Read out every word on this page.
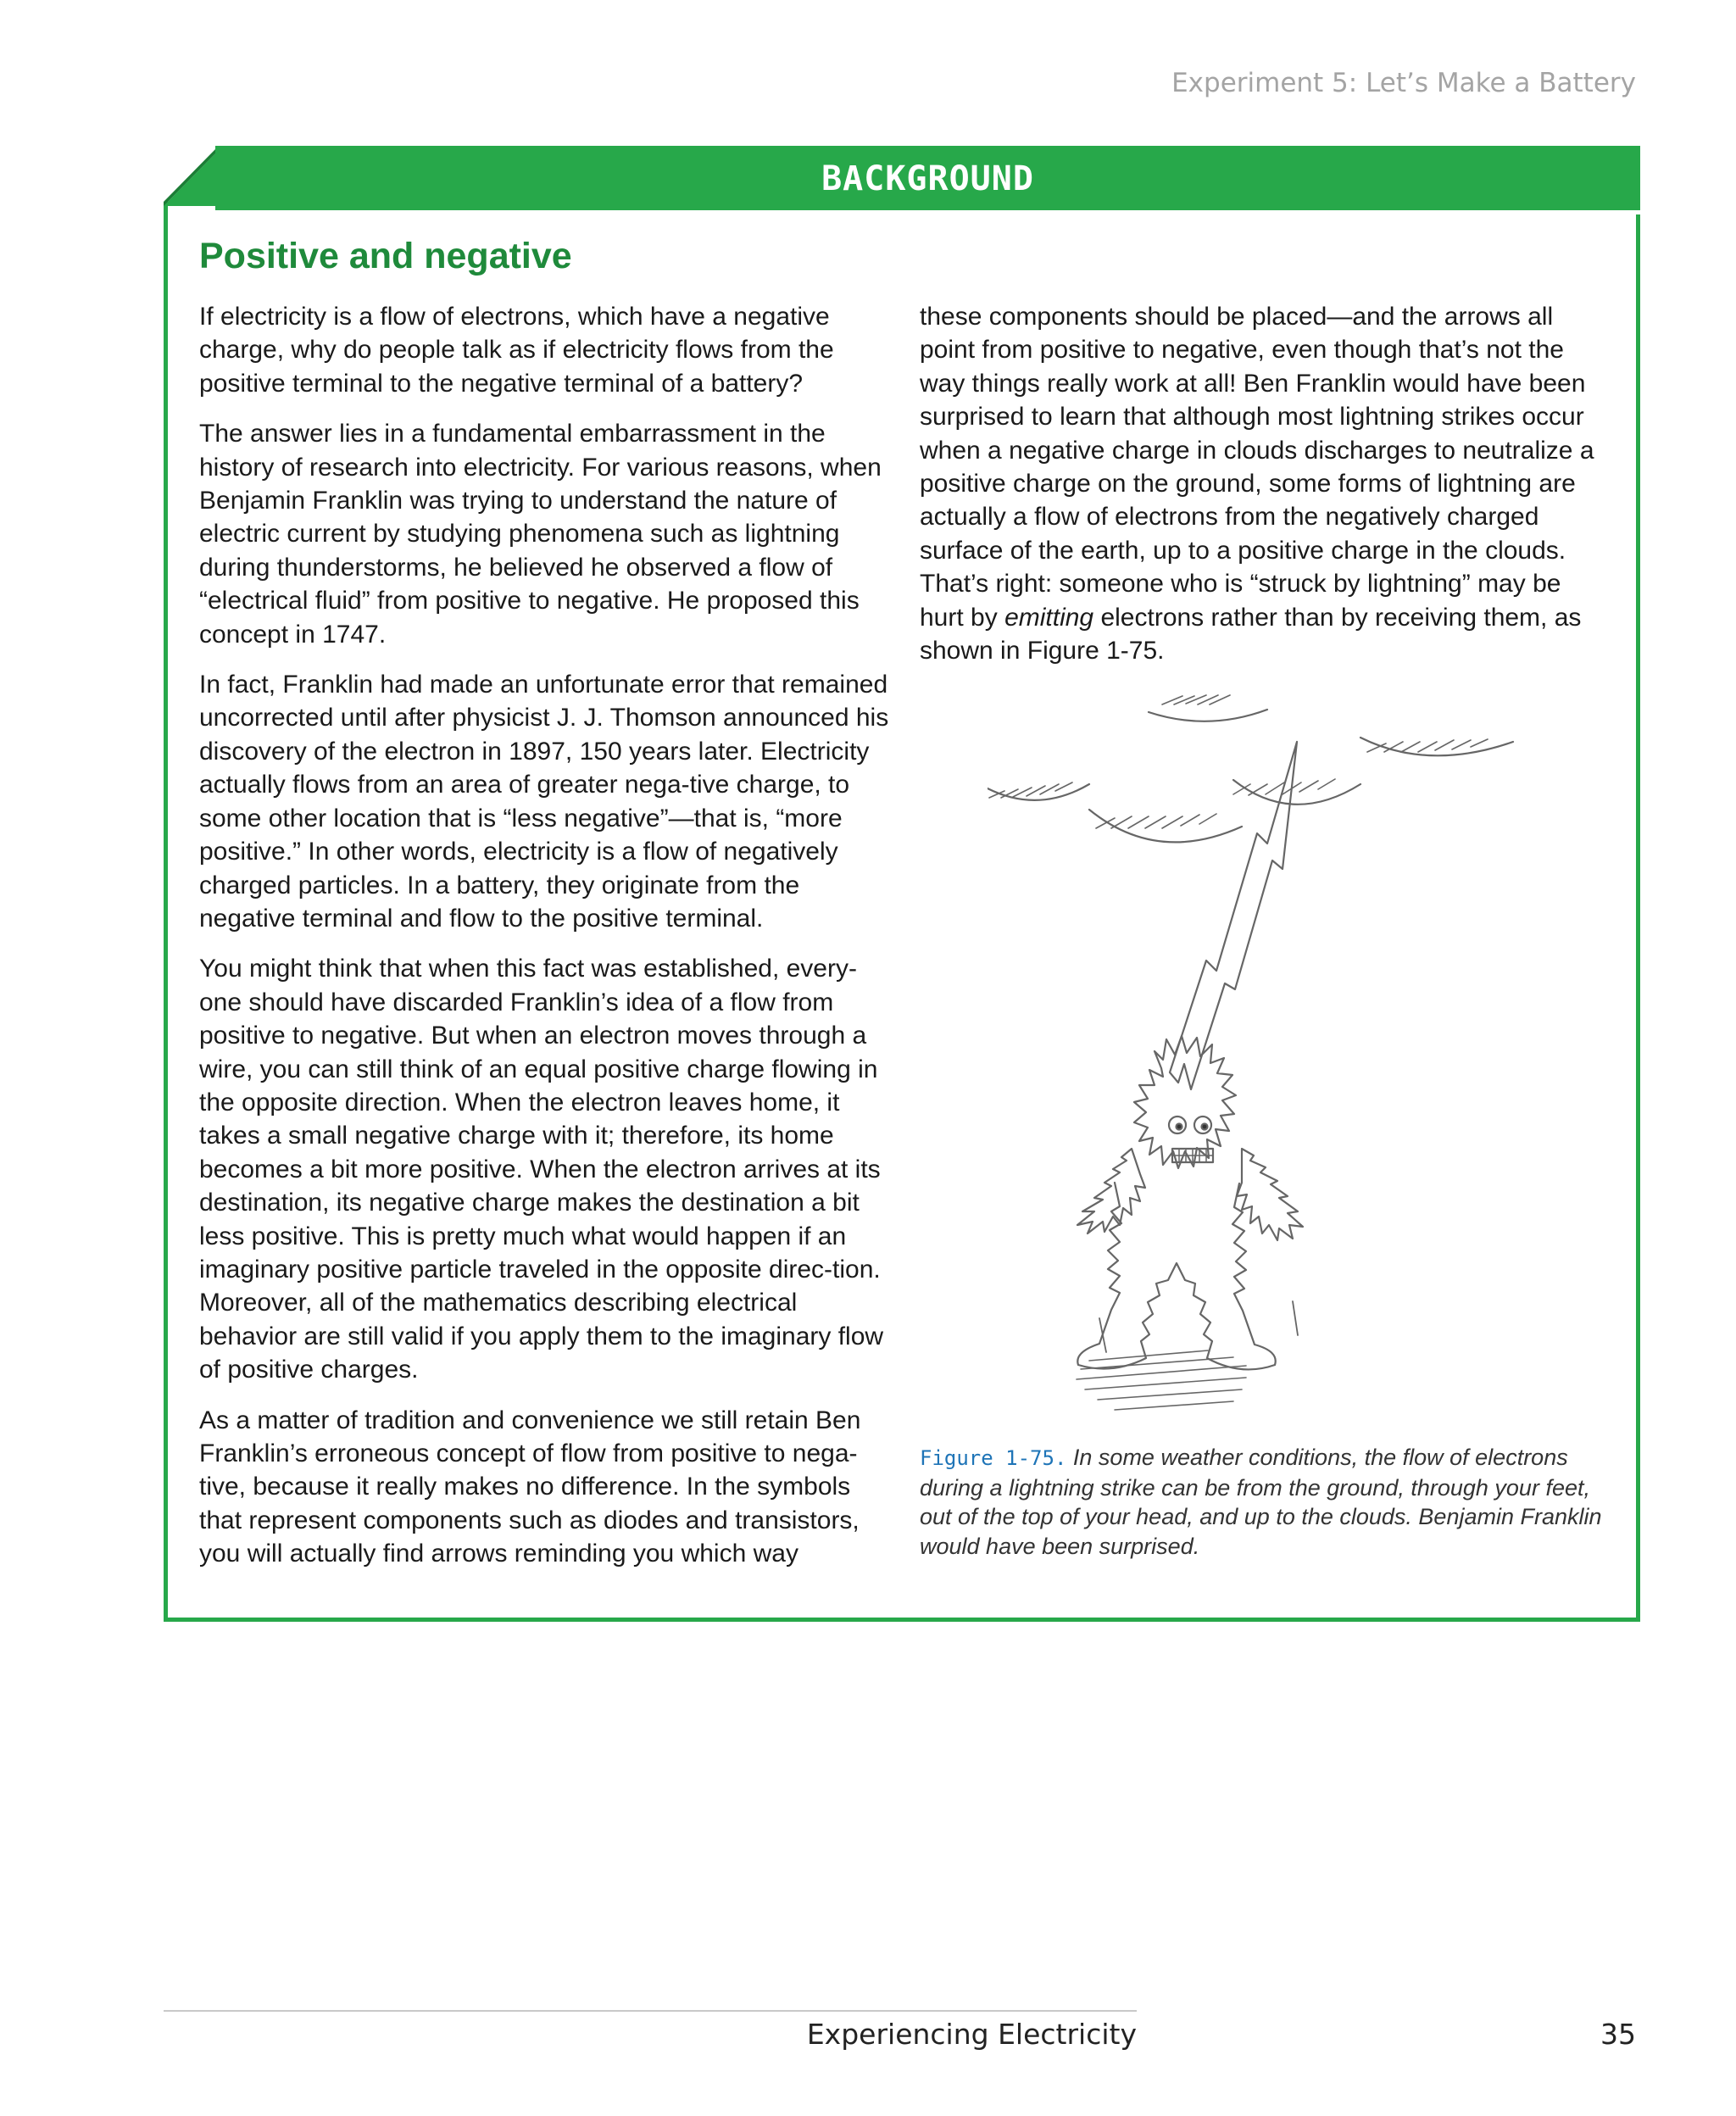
Experiment 5: Let’s Make a Battery
BACKGROUND
Positive and negative

If electricity is a flow of electrons, which have a negative charge, why do people talk as if electricity flows from the positive terminal to the negative terminal of a battery?

The answer lies in a fundamental embarrassment in the history of research into electricity. For various reasons, when Benjamin Franklin was trying to understand the nature of electric current by studying phenomena such as lightning during thunderstorms, he believed he observed a flow of “electrical fluid” from positive to negative. He proposed this concept in 1747.

In fact, Franklin had made an unfortunate error that remained uncorrected until after physicist J. J. Thomson announced his discovery of the electron in 1897, 150 years later. Electricity actually flows from an area of greater nega-tive charge, to some other location that is “less negative”—that is, “more positive.” In other words, electricity is a flow of negatively charged particles. In a battery, they originate from the negative terminal and flow to the positive terminal.

You might think that when this fact was established, every-one should have discarded Franklin’s idea of a flow from positive to negative. But when an electron moves through a wire, you can still think of an equal positive charge flowing in the opposite direction. When the electron leaves home, it takes a small negative charge with it; therefore, its home becomes a bit more positive. When the electron arrives at its destination, its negative charge makes the destination a bit less positive. This is pretty much what would happen if an imaginary positive particle traveled in the opposite direc-tion. Moreover, all of the mathematics describing electrical behavior are still valid if you apply them to the imaginary flow of positive charges.

As a matter of tradition and convenience we still retain Ben Franklin’s erroneous concept of flow from positive to nega-tive, because it really makes no difference. In the symbols that represent components such as diodes and transistors, you will actually find arrows reminding you which way

these components should be placed—and the arrows all point from positive to negative, even though that’s not the way things really work at all! Ben Franklin would have been surprised to learn that although most lightning strikes occur when a negative charge in clouds discharges to neutralize a positive charge on the ground, some forms of lightning are actually a flow of electrons from the negatively charged surface of the earth, up to a positive charge in the clouds. That’s right: someone who is “struck by lightning” may be hurt by emitting electrons rather than by receiving them, as shown in Figure 1-75.

Figure 1-75. In some weather conditions, the flow of electrons during a lightning strike can be from the ground, through your feet, out of the top of your head, and up to the clouds. Benjamin Franklin would have been surprised.
Experiencing Electricity	35
